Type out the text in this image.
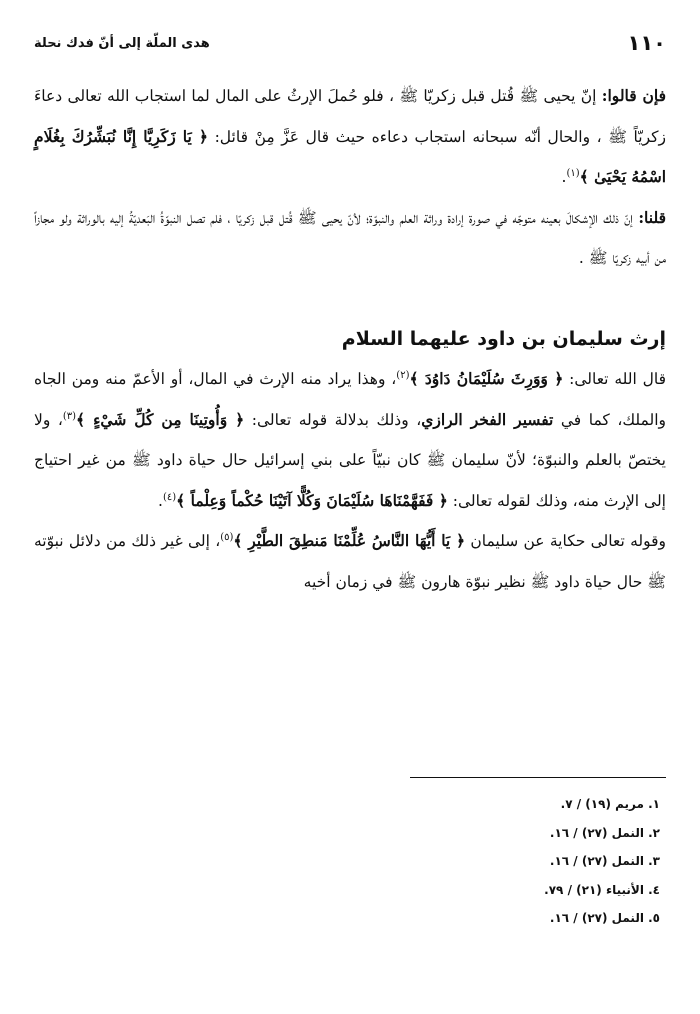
١١٠
هدى الملّة إلى أنّ فدك نحلة

فإن قالوا: إنّ يحيى ﷺ قُتل قبل زكريّا ﷺ ، فلو حُملَ الإرثُ على المال لما استجاب الله تعالى دعاءَ زكريّاً ﷺ ، والحال أنّه سبحانه استجاب دعاءه حيث قال عَزَّ مِنْ قائل: ﴿ يَا زَكَرِيَّا إِنَّا نُبَشِّرُكَ بِغُلَامٍ اسْمُهُ يَحْيَىٰ ﴾$^{(١)}$.

قلنا: إنّ ذلك الإشكالَ بعينه متوجّه في صورة إرادة وراثة العلم والنبوّة؛ لأنّ يحيى ﷺ قُتل قبل زكريّا ، فلم تصل النبوّةُ البَعديّةُ إليه بالوراثة ولو مجازاً من أبيه زكريّا ﷺ .

إرث سليمان بن داود عليهما السلام

قال الله تعالى: ﴿ وَوَرِثَ سُلَيْمَانُ دَاوُدَ ﴾$^{(٢)}$، وهذا يراد منه الإرث في المال، أو الأعمّ منه ومن الجاه والملك، كما في تفسير الفخر الرازي، وذلك بدلالة قوله تعالى: ﴿ وَأُوتِينَا مِن كُلِّ شَيْءٍ ﴾$^{(٣)}$، ولا يختصّ بالعلم والنبوّة؛ لأنّ سليمان ﷺ كان نبيّاً على بني إسرائيل حال حياة داود ﷺ من غير احتياج إلى الإرث منه، وذلك لقوله تعالى: ﴿ فَفَهَّمْنَاهَا سُلَيْمَانَ وَكُلًّا آتَيْنَا حُكْماً وَعِلْماً ﴾$^{(٤)}$.

وقوله تعالى حكاية عن سليمان ﴿ يَا أَيُّهَا النَّاسُ عُلِّمْنَا مَنطِقَ الطَّيْرِ ﴾$^{(٥)}$، إلى غير ذلك من دلائل نبوّته ﷺ حال حياة داود ﷺ نظير نبوّة هارون ﷺ في زمان أخيه

١. مريم (١٩) / ٧.
٢. النمل (٢٧) / ١٦.
٣. النمل (٢٧) / ١٦.
٤. الأنبياء (٢١) / ٧٩.
٥. النمل (٢٧) / ١٦.
